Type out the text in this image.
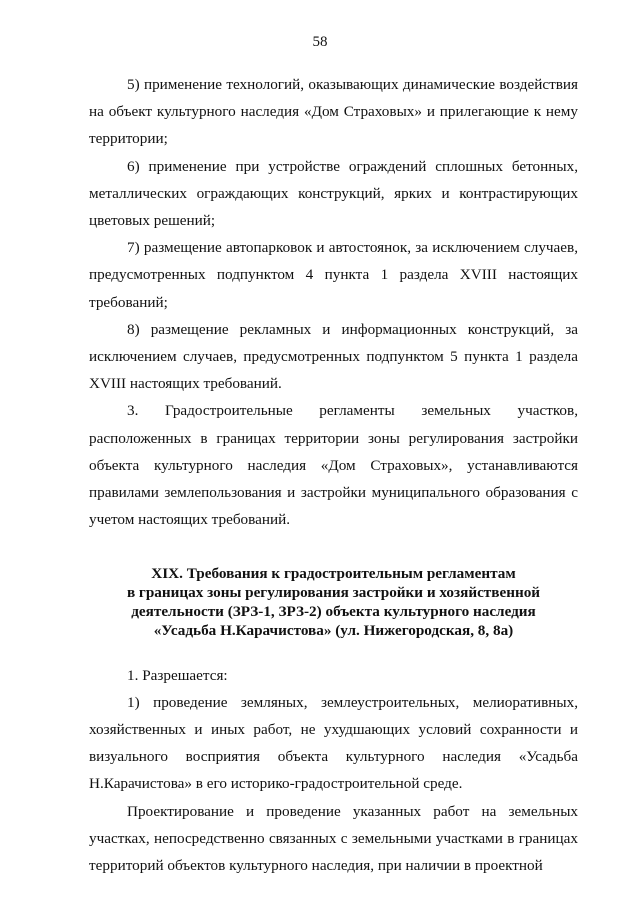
58

5) применение технологий, оказывающих динамические воздействия на объект культурного наследия «Дом Страховых» и прилегающие к нему территории;

6) применение при устройстве ограждений сплошных бетонных, металлических ограждающих конструкций, ярких и контрастирующих цветовых решений;

7) размещение автопарковок и автостоянок, за исключением случаев, предусмотренных подпунктом 4 пункта 1 раздела XVIII настоящих требований;

8) размещение рекламных и информационных конструкций, за исключением случаев, предусмотренных подпунктом 5 пункта 1 раздела XVIII настоящих требований.

3. Градостроительные регламенты земельных участков, расположенных в границах территории зоны регулирования застройки объекта культурного наследия «Дом Страховых», устанавливаются правилами землепользования и застройки муниципального образования с учетом настоящих требований.

XIX. Требования к градостроительным регламентам
в границах зоны регулирования застройки и хозяйственной
деятельности (ЗРЗ-1, ЗРЗ-2) объекта культурного наследия
«Усадьба Н.Карачистова» (ул. Нижегородская, 8, 8а)

1. Разрешается:

1) проведение земляных, землеустроительных, мелиоративных, хозяйственных и иных работ, не ухудшающих условий сохранности и визуального восприятия объекта культурного наследия «Усадьба Н.Карачистова» в его историко-градостроительной среде.

Проектирование и проведение указанных работ на земельных участках, непосредственно связанных с земельными участками в границах территорий объектов культурного наследия, при наличии в проектной
